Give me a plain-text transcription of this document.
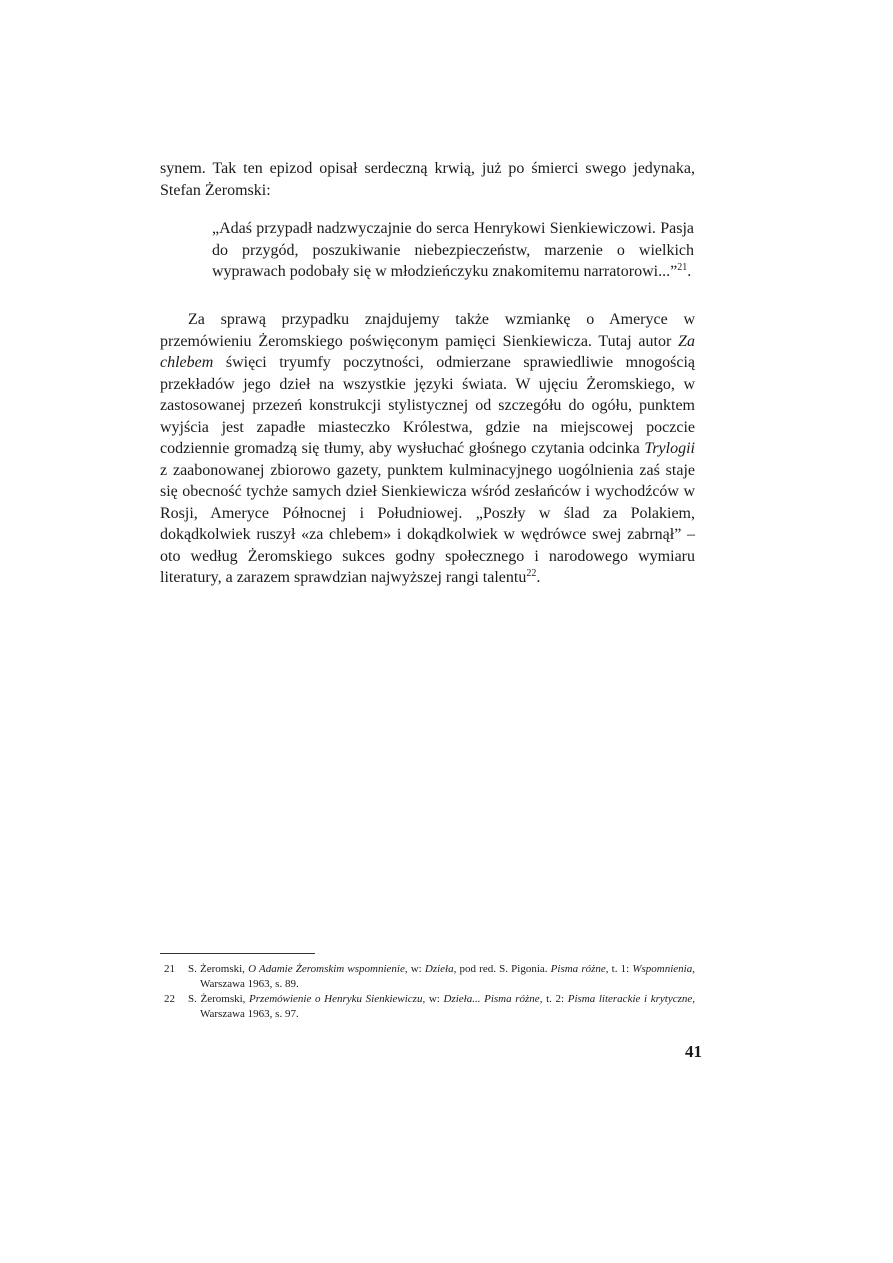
synem. Tak ten epizod opisał serdeczną krwią, już po śmierci swego jedynaka, Stefan Żeromski:

„Adaś przypadł nadzwyczajnie do serca Henrykowi Sienkiewiczowi. Pasja do przygód, poszukiwanie niebezpieczeństw, marzenie o wielkich wyprawach podobały się w młodzieńczyku znakomitemu narratorowi...”$^{21}$.

Za sprawą przypadku znajdujemy także wzmiankę o Ameryce w przemówieniu Żeromskiego poświęconym pamięci Sienkiewicza. Tutaj autor Za chlebem święci tryumfy poczytności, odmierzane sprawiedliwie mnogością przekładów jego dzieł na wszystkie języki świata. W ujęciu Żeromskiego, w zastosowanej przezeń konstrukcji stylistycznej od szczegółu do ogółu, punktem wyjścia jest zapadłe miasteczko Królestwa, gdzie na miejscowej poczcie codziennie gromadzą się tłumy, aby wysłuchać głośnego czytania odcinka Trylogii z zaabonowanej zbiorowo gazety, punktem kulminacyjnego uogólnienia zaś staje się obecność tychże samych dzieł Sienkiewicza wśród zesłańców i wychodźców w Rosji, Ameryce Północnej i Południowej. „Poszły w ślad za Polakiem, dokądkolwiek ruszył «za chlebem» i dokądkolwiek w wędrówce swej zabrnął” – oto według Żeromskiego sukces godny społecznego i narodowego wymiaru literatury, a zarazem sprawdzian najwyższej rangi talentu$^{22}$.

21 S. Żeromski, O Adamie Żeromskim wspomnienie, w: Dzieła, pod red. S. Pigonia. Pisma różne, t. 1: Wspomnienia, Warszawa 1963, s. 89.
22 S. Żeromski, Przemówienie o Henryku Sienkiewiczu, w: Dzieła... Pisma różne, t. 2: Pisma literackie i krytyczne, Warszawa 1963, s. 97.
41
